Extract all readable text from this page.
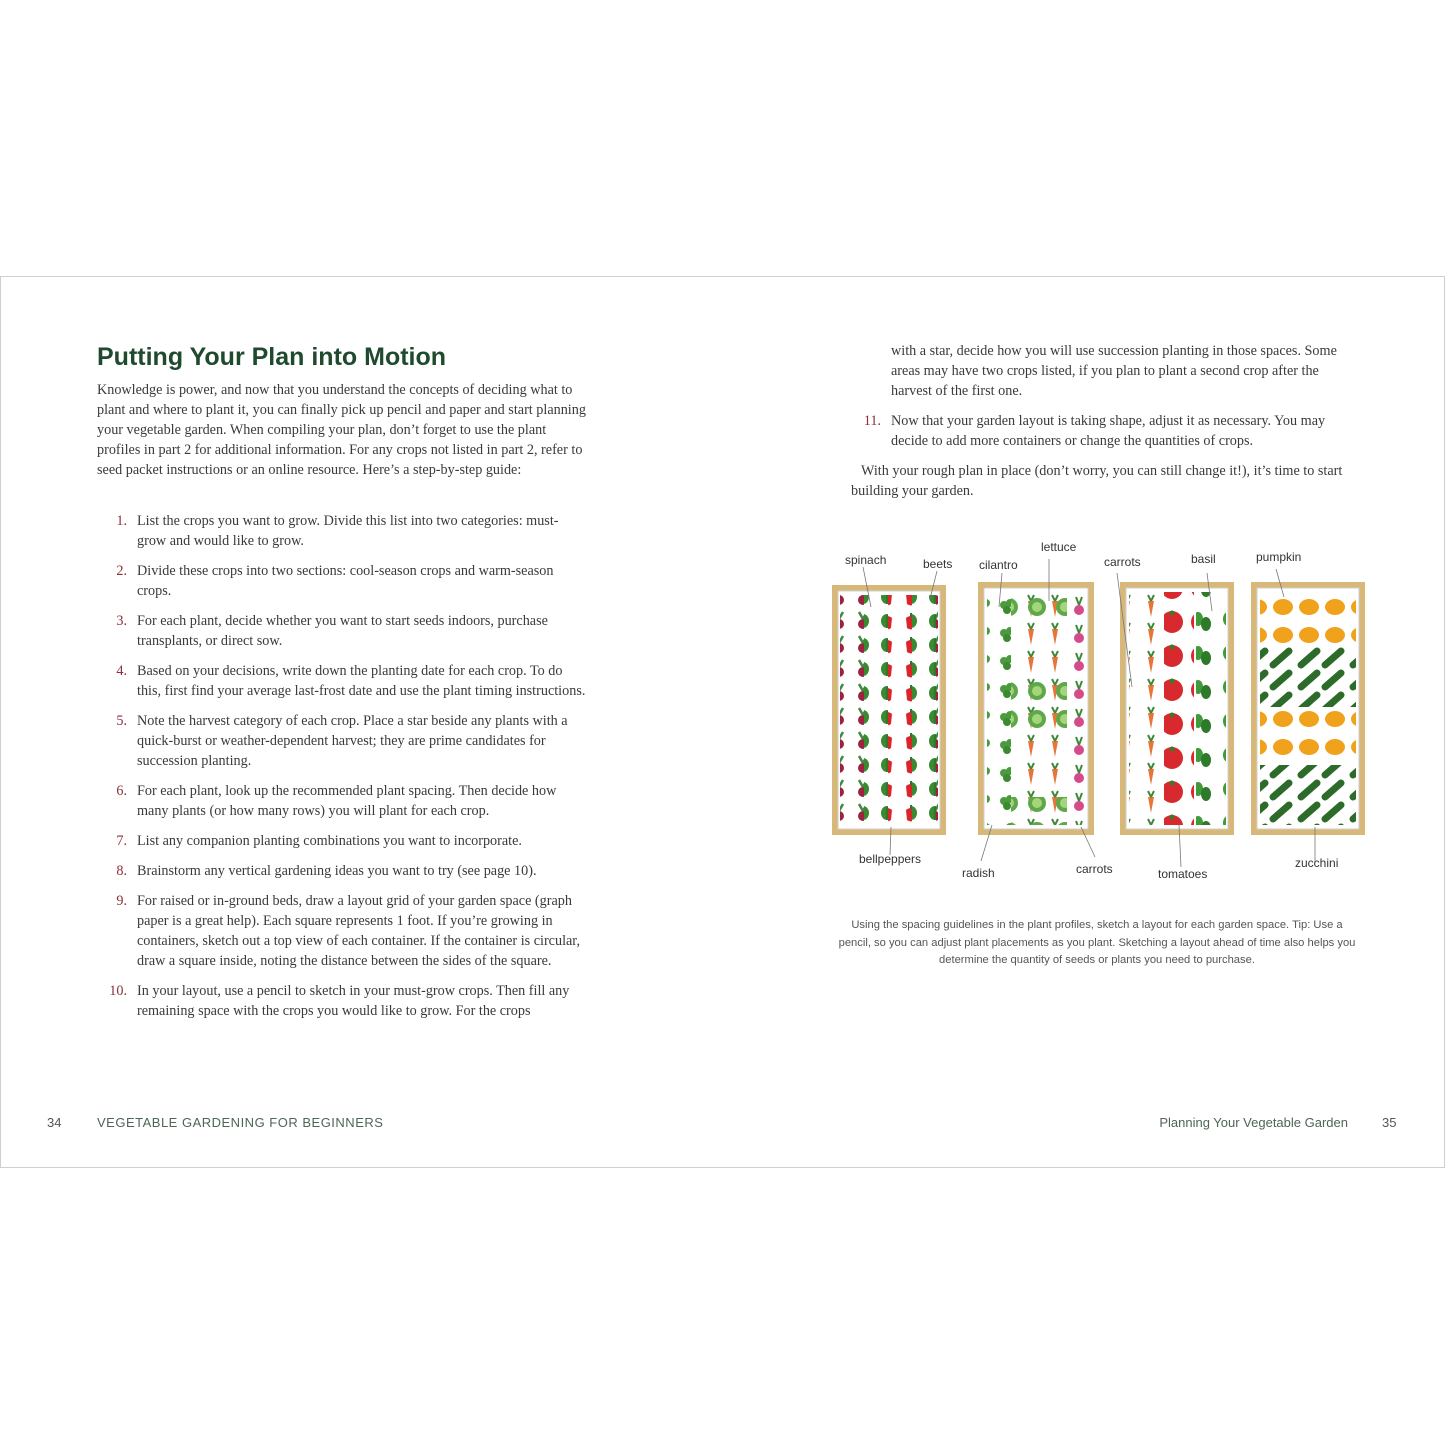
Putting Your Plan into Motion

Knowledge is power, and now that you understand the concepts of deciding what to plant and where to plant it, you can finally pick up pencil and paper and start planning your vegetable garden. When compiling your plan, don’t forget to use the plant profiles in part 2 for additional information. For any crops not listed in part 2, refer to seed packet instructions or an online resource. Here’s a step-by-step guide:

1. List the crops you want to grow. Divide this list into two categories: must-grow and would like to grow.
2. Divide these crops into two sections: cool-season crops and warm-season crops.
3. For each plant, decide whether you want to start seeds indoors, purchase transplants, or direct sow.
4. Based on your decisions, write down the planting date for each crop. To do this, first find your average last-frost date and use the plant timing instructions.
5. Note the harvest category of each crop. Place a star beside any plants with a quick-burst or weather-dependent harvest; they are prime candidates for succession planting.
6. For each plant, look up the recommended plant spacing. Then decide how many plants (or how many rows) you will plant for each crop.
7. List any companion planting combinations you want to incorporate.
8. Brainstorm any vertical gardening ideas you want to try (see page 10).
9. For raised or in-ground beds, draw a layout grid of your garden space (graph paper is a great help). Each square represents 1 foot. If you’re growing in containers, sketch out a top view of each container. If the container is circular, draw a square inside, noting the distance between the sides of the square.
10. In your layout, use a pencil to sketch in your must-grow crops. Then fill any remaining space with the crops you would like to grow. For the crops

with a star, decide how you will use succession planting in those spaces. Some areas may have two crops listed, if you plan to plant a second crop after the harvest of the first one.

11. Now that your garden layout is taking shape, adjust it as necessary. You may decide to add more containers or change the quantities of crops.

With your rough plan in place (don’t worry, you can still change it!), it’s time to start building your garden.

spinach	beets
bellpeppers
cilantro
lettuce
radish	carrots
carrots	basil
tomatoes
pumpkin
zucchini

Using the spacing guidelines in the plant profiles, sketch a layout for each garden space. Tip: Use a pencil, so you can adjust plant placements as you plant. Sketching a layout ahead of time also helps you determine the quantity of seeds or plants you need to purchase.

34	VEGETABLE GARDENING FOR BEGINNERS	Planning Your Vegetable Garden	35
